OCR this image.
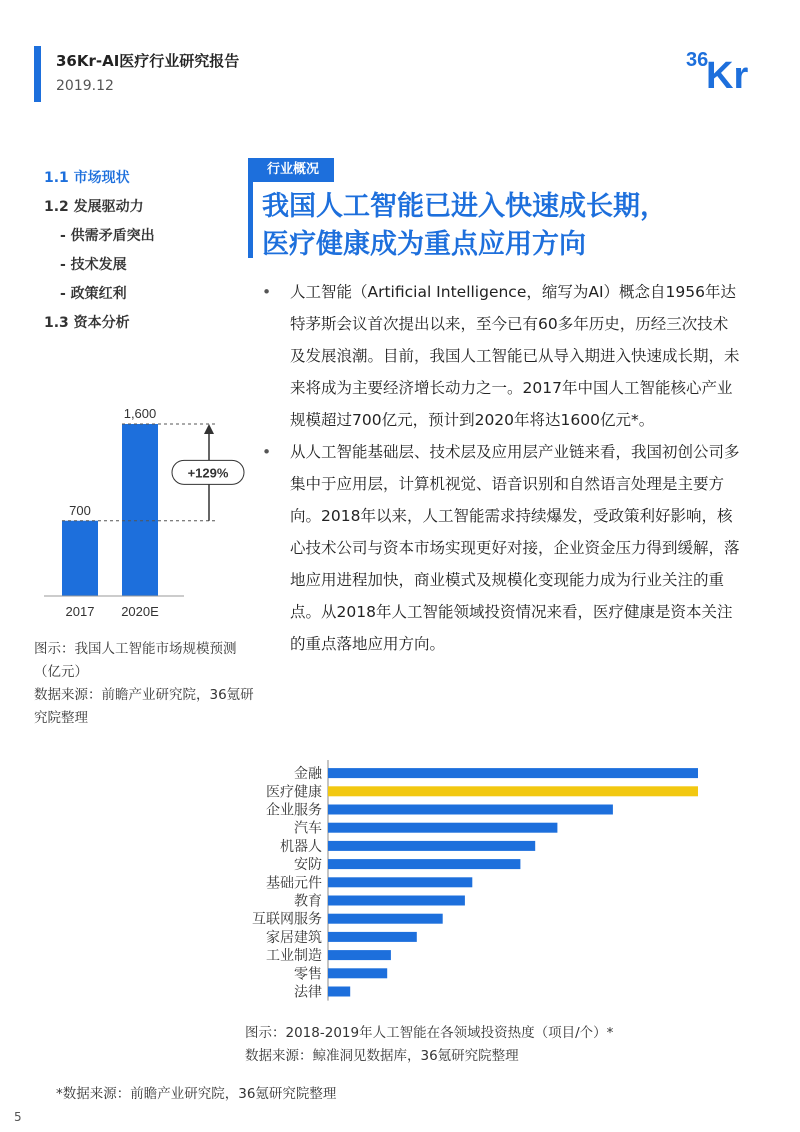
36Kr-AI医疗行业研究报告
2019.12
36
Kr
1.1 市场现状
1.2 发展驱动力
- 供需矛盾突出
- 技术发展
- 政策红利
1.3 资本分析
行业概况
我国人工智能已进入快速成长期，
医疗健康成为重点应用方向
• 人工智能（Artificial Intelligence，缩写为AI）概念自1956年达特茅斯会议首次提出以来，至今已有60多年历史，历经三次技术及发展浪潮。目前，我国人工智能已从导入期进入快速成长期，未来将成为主要经济增长动力之一。2017年中国人工智能核心产业规模超过700亿元，预计到2020年将达1600亿元*。
• 从人工智能基础层、技术层及应用层产业链来看，我国初创公司多集中于应用层，计算机视觉、语音识别和自然语言处理是主要方向。2018年以来，人工智能需求持续爆发，受政策利好影响，核心技术公司与资本市场实现更好对接，企业资金压力得到缓解，落地应用进程加快，商业模式及规模化变现能力成为行业关注的重点。从2018年人工智能领域投资情况来看，医疗健康是资本关注的重点落地应用方向。
700
2017
1,600
2020E
+129%
图示：我国人工智能市场规模预测（亿元）
数据来源：前瞻产业研究院，36氪研究院整理
金融
医疗健康
企业服务
汽车
机器人
安防
基础元件
教育
互联网服务
家居建筑
工业制造
零售
法律
图示：2018-2019年人工智能在各领域投资热度（项目/个）*
数据来源：鲸准洞见数据库，36氪研究院整理
*数据来源：前瞻产业研究院，36氪研究院整理
5
